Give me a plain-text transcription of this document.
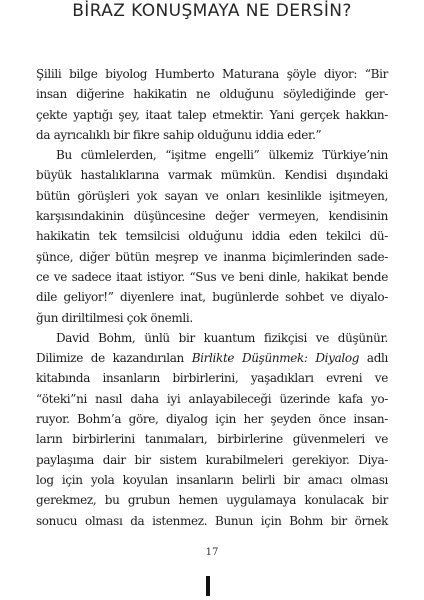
BİRAZ KONUŞMAYA NE DERSİN?
Şilili bilge biyolog Humberto Maturana şöyle diyor: “Bir
insan diğerine hakikatin ne olduğunu söylediğinde ger-
çekte yaptığı şey, itaat talep etmektir. Yani gerçek hakkın-
da ayrıcalıklı bir fikre sahip olduğunu iddia eder.”
Bu cümlelerden, “işitme engelli” ülkemiz Türkiye’nin
büyük hastalıklarına varmak mümkün. Kendisi dışındaki
bütün görüşleri yok sayan ve onları kesinlikle işitmeyen,
karşısındakinin düşüncesine değer vermeyen, kendisinin
hakikatin tek temsilcisi olduğunu iddia eden tekilci dü-
şünce, diğer bütün meşrep ve inanma biçimlerinden sade-
ce ve sadece itaat istiyor. “Sus ve beni dinle, hakikat bende
dile geliyor!” diyenlere inat, bugünlerde sohbet ve diyalo-
ğun diriltilmesi çok önemli.
David Bohm, ünlü bir kuantum fizikçisi ve düşünür.
Dilimize de kazandırılan Birlikte Düşünmek: Diyalog adlı
kitabında insanların birbirlerini, yaşadıkları evreni ve
“öteki”ni nasıl daha iyi anlayabileceği üzerinde kafa yo-
ruyor. Bohm’a göre, diyalog için her şeyden önce insan-
ların birbirlerini tanımaları, birbirlerine güvenmeleri ve
paylaşıma dair bir sistem kurabilmeleri gerekiyor. Diya-
log için yola koyulan insanların belirli bir amacı olması
gerekmez, bu grubun hemen uygulamaya konulacak bir
sonucu olması da istenmez. Bunun için Bohm bir örnek
17
